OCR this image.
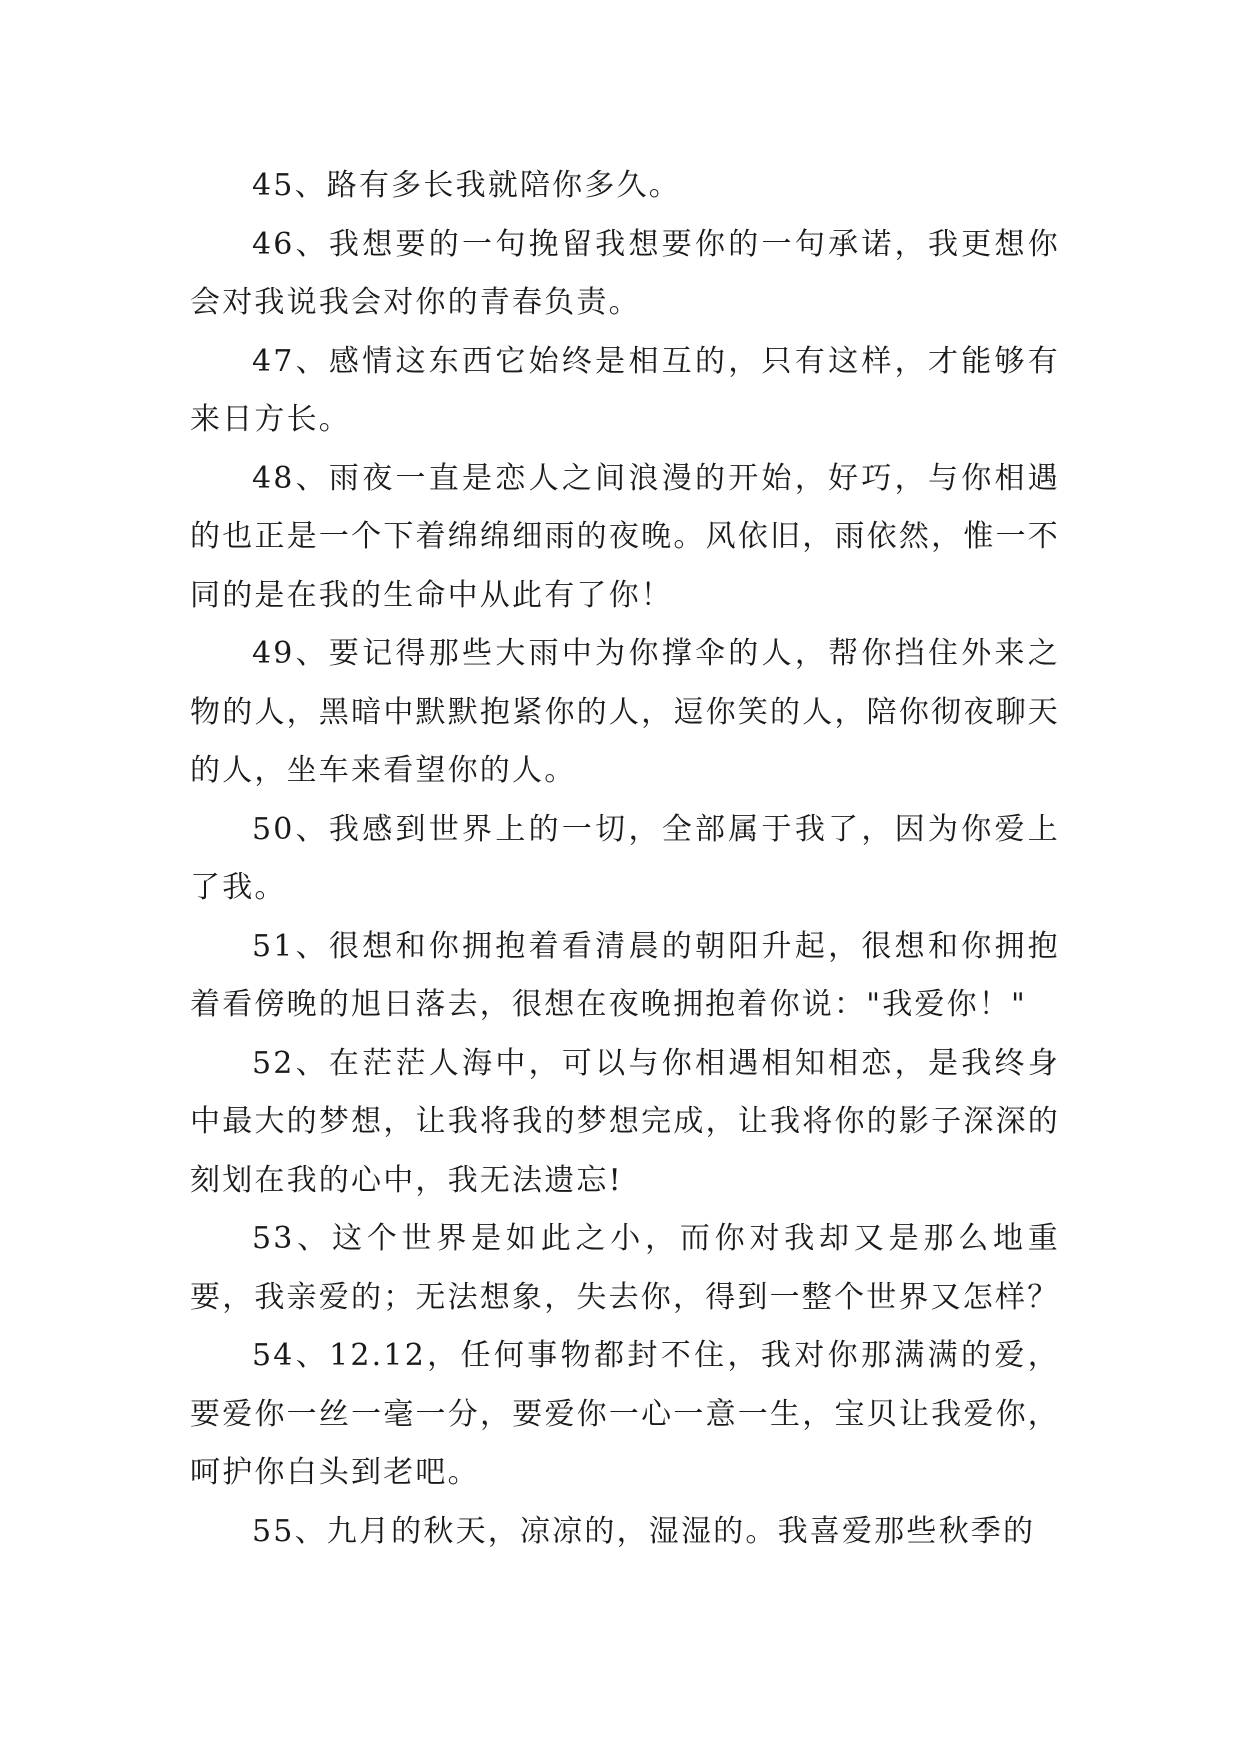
45、路有多长我就陪你多久。

46、我想要的一句挽留我想要你的一句承诺，我更想你会对我说我会对你的青春负责。

47、感情这东西它始终是相互的，只有这样，才能够有来日方长。

48、雨夜一直是恋人之间浪漫的开始，好巧，与你相遇的也正是一个下着绵绵细雨的夜晚。风依旧，雨依然，惟一不同的是在我的生命中从此有了你！

49、要记得那些大雨中为你撑伞的人，帮你挡住外来之物的人，黑暗中默默抱紧你的人，逗你笑的人，陪你彻夜聊天的人，坐车来看望你的人。

50、我感到世界上的一切，全部属于我了，因为你爱上了我。

51、很想和你拥抱着看清晨的朝阳升起，很想和你拥抱着看傍晚的旭日落去，很想在夜晚拥抱着你说："我爱你！"

52、在茫茫人海中，可以与你相遇相知相恋，是我终身中最大的梦想，让我将我的梦想完成，让我将你的影子深深的刻划在我的心中，我无法遗忘!

53、这个世界是如此之小，而你对我却又是那么地重要，我亲爱的；无法想象，失去你，得到一整个世界又怎样？

54、12.12，任何事物都封不住，我对你那满满的爱，要爱你一丝一毫一分，要爱你一心一意一生，宝贝让我爱你，呵护你白头到老吧。

55、九月的秋天，凉凉的，湿湿的。我喜爱那些秋季的
